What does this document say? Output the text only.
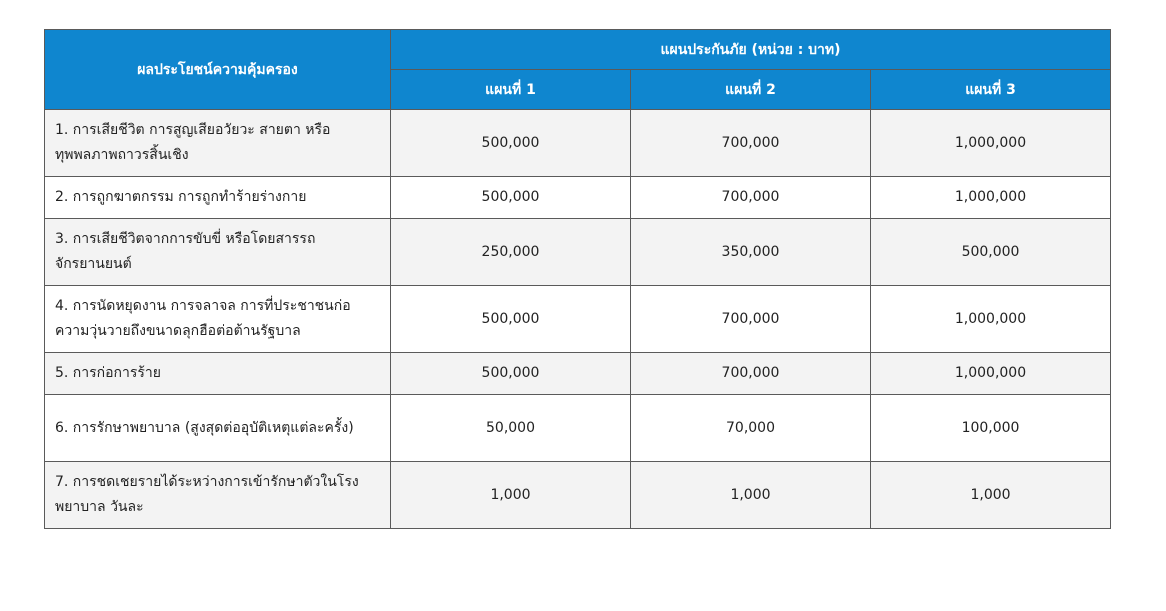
ผลประโยชน์ความคุ้มครอง	แผนประกันภัย (หน่วย : บาท)		
	แผนที่ 1	แผนที่ 2	แผนที่ 3
1. การเสียชีวิต การสูญเสียอวัยวะ สายตา หรือทุพพลภาพถาวรสิ้นเชิง	500,000	700,000	1,000,000
2. การถูกฆาตกรรม การถูกทำร้ายร่างกาย	500,000	700,000	1,000,000
3. การเสียชีวิตจากการขับขี่ หรือโดยสารรถจักรยานยนต์	250,000	350,000	500,000
4. การนัดหยุดงาน การจลาจล การที่ประชาชนก่อความวุ่นวายถึงขนาดลุกฮือต่อต้านรัฐบาล	500,000	700,000	1,000,000
5. การก่อการร้าย	500,000	700,000	1,000,000
6. การรักษาพยาบาล (สูงสุดต่ออุบัติเหตุแต่ละครั้ง)	50,000	70,000	100,000
7. การชดเชยรายได้ระหว่างการเข้ารักษาตัวในโรงพยาบาล วันละ	1,000	1,000	1,000
